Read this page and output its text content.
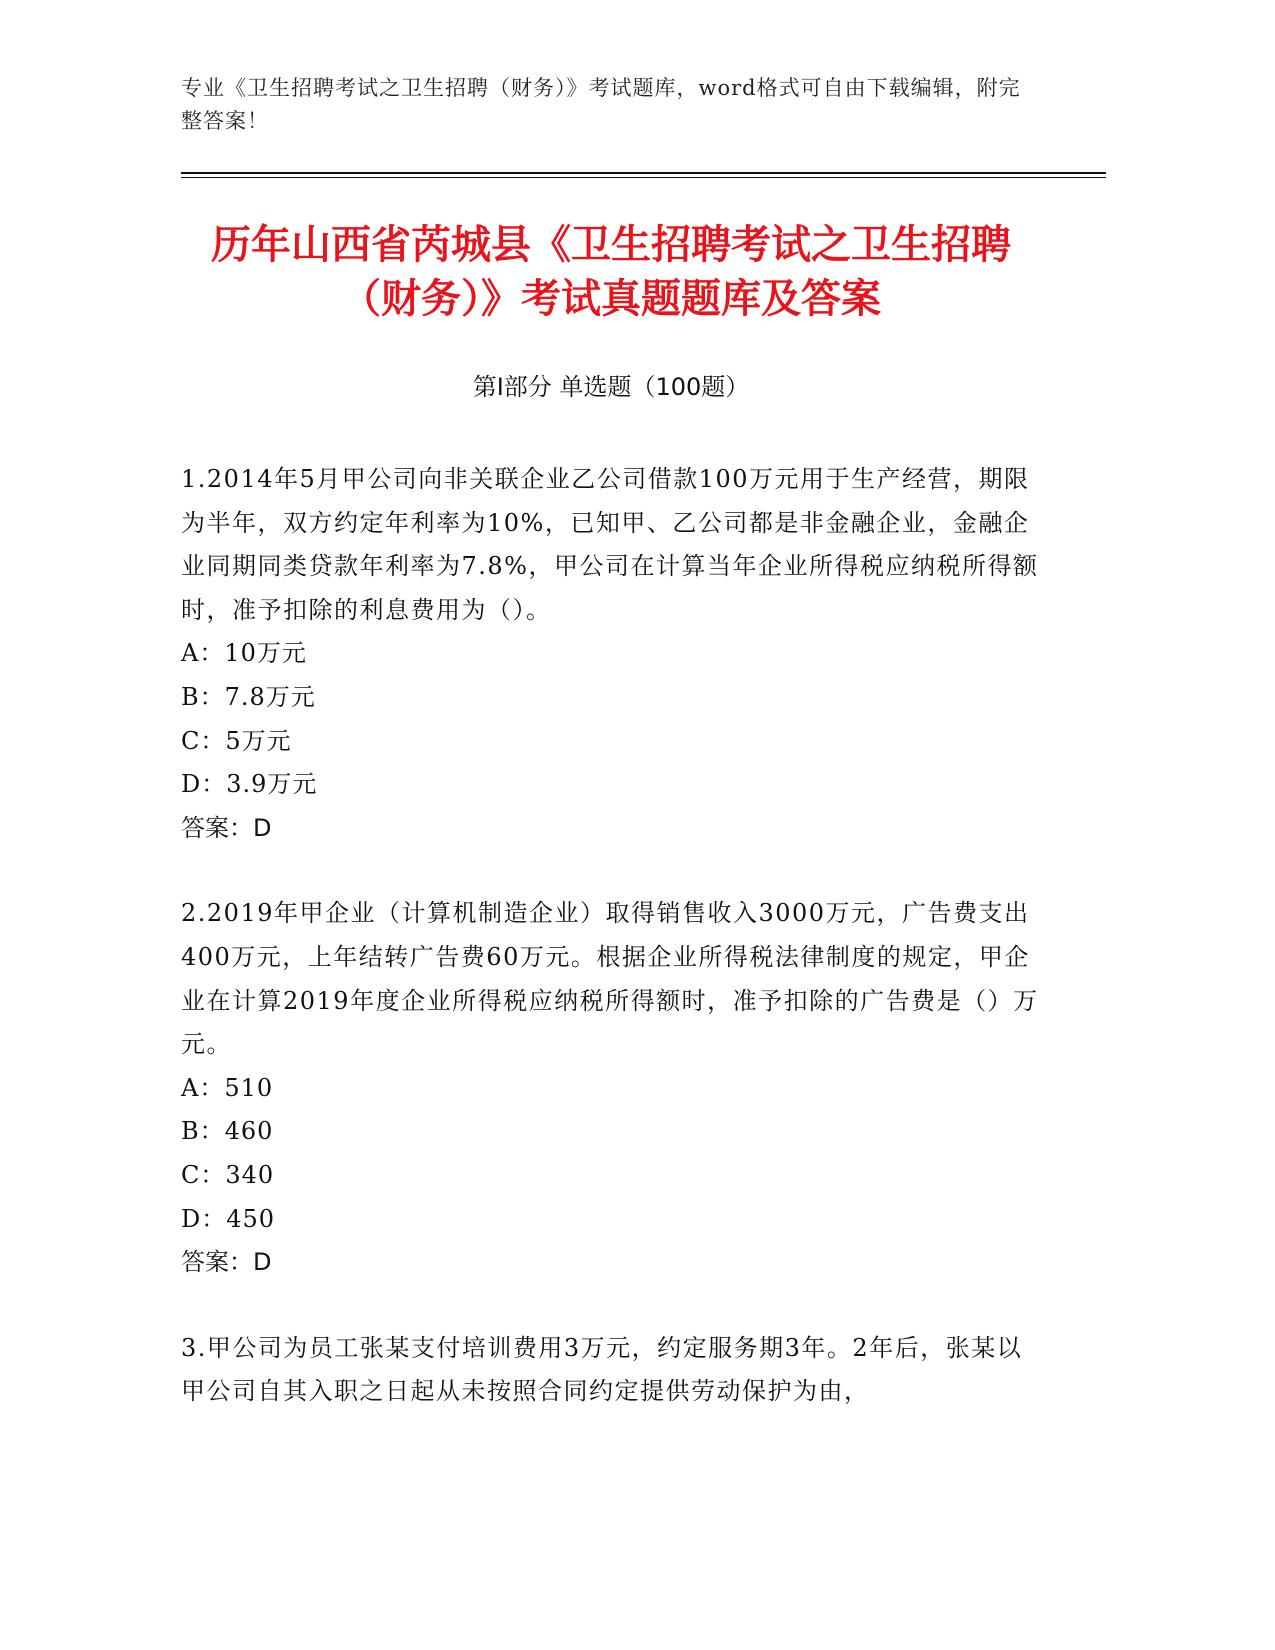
专业《卫生招聘考试之卫生招聘（财务）》考试题库，word格式可自由下载编辑，附完整答案！
历年山西省芮城县《卫生招聘考试之卫生招聘（财务）》考试真题题库及答案
第Ⅰ部分 单选题（100题）

1.2014年5月甲公司向非关联企业乙公司借款100万元用于生产经营，期限为半年，双方约定年利率为10%，已知甲、乙公司都是非金融企业，金融企业同期同类贷款年利率为7.8%，甲公司在计算当年企业所得税应纳税所得额时，准予扣除的利息费用为（）。

A：10万元

B：7.8万元

C：5万元

D：3.9万元

答案：D

2.2019年甲企业（计算机制造企业）取得销售收入3000万元，广告费支出400万元，上年结转广告费60万元。根据企业所得税法律制度的规定，甲企业在计算2019年度企业所得税应纳税所得额时，准予扣除的广告费是（）万元。

A：510

B：460

C：340

D：450

答案：D

3.甲公司为员工张某支付培训费用3万元，约定服务期3年。2年后，张某以甲公司自其入职之日起从未按照合同约定提供劳动保护为由，
